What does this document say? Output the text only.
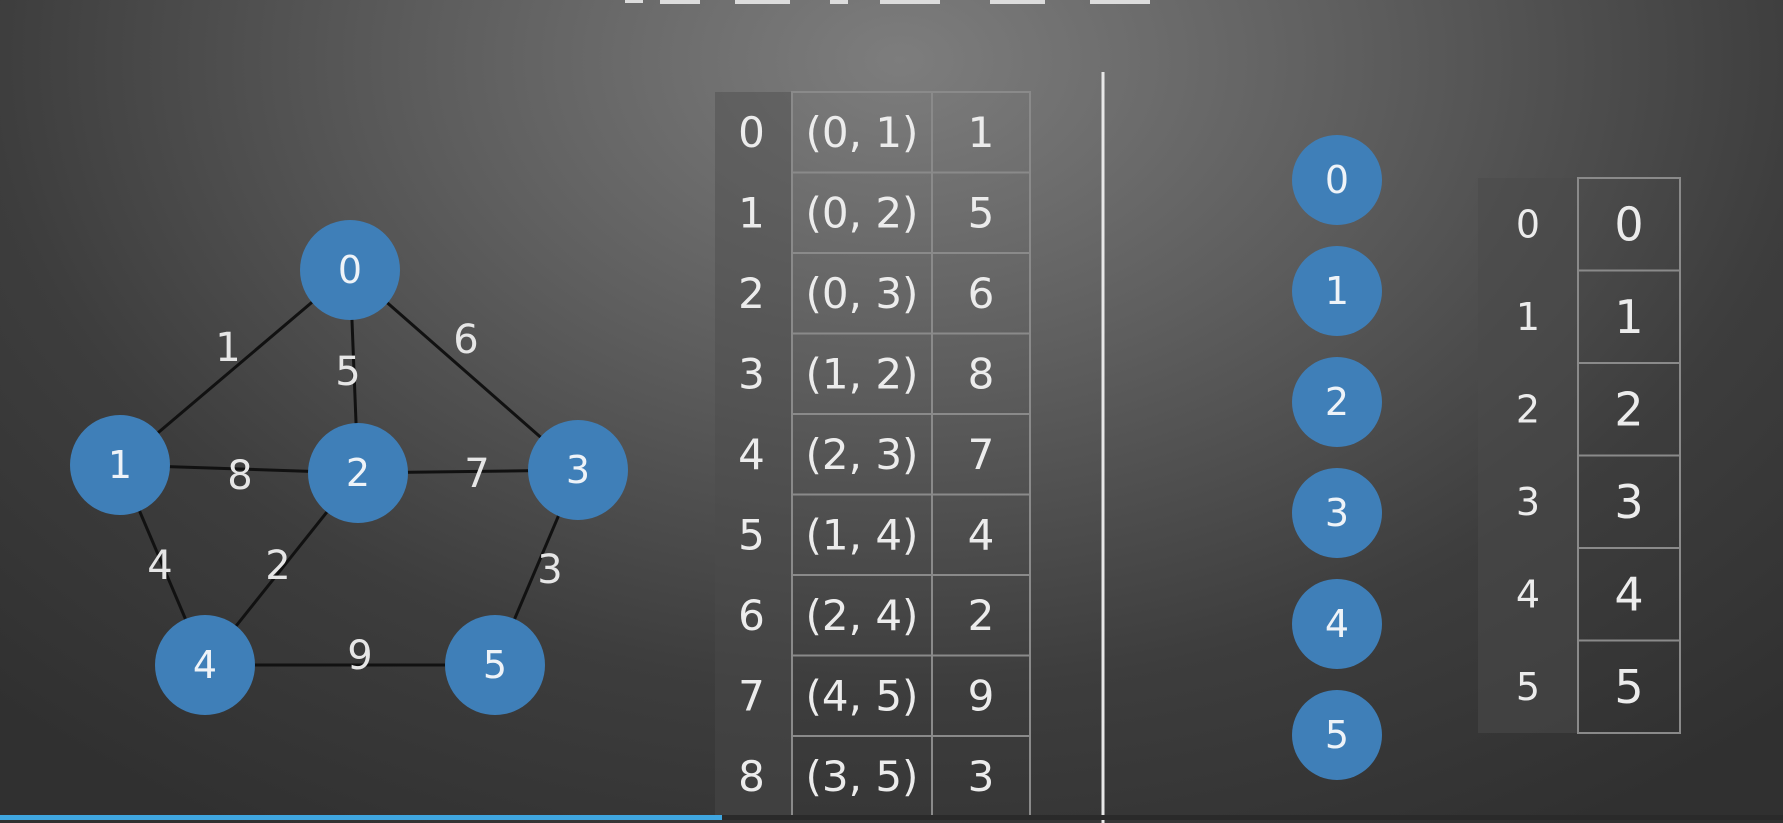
1
5
6
8	7
4 2
9
3
0
1	2	3
4	5
0 (0, 1) 1
1 (0, 2) 5
2 (0, 3) 6
3 (1, 2) 8
4 (2, 3) 7
5 (1, 4) 4
6 (2, 4) 2
7 (4, 5) 9
8 (3, 5) 3
0
1
2
3
4
5
0 0
1 1
2 2
3 3
4 4
5 5
